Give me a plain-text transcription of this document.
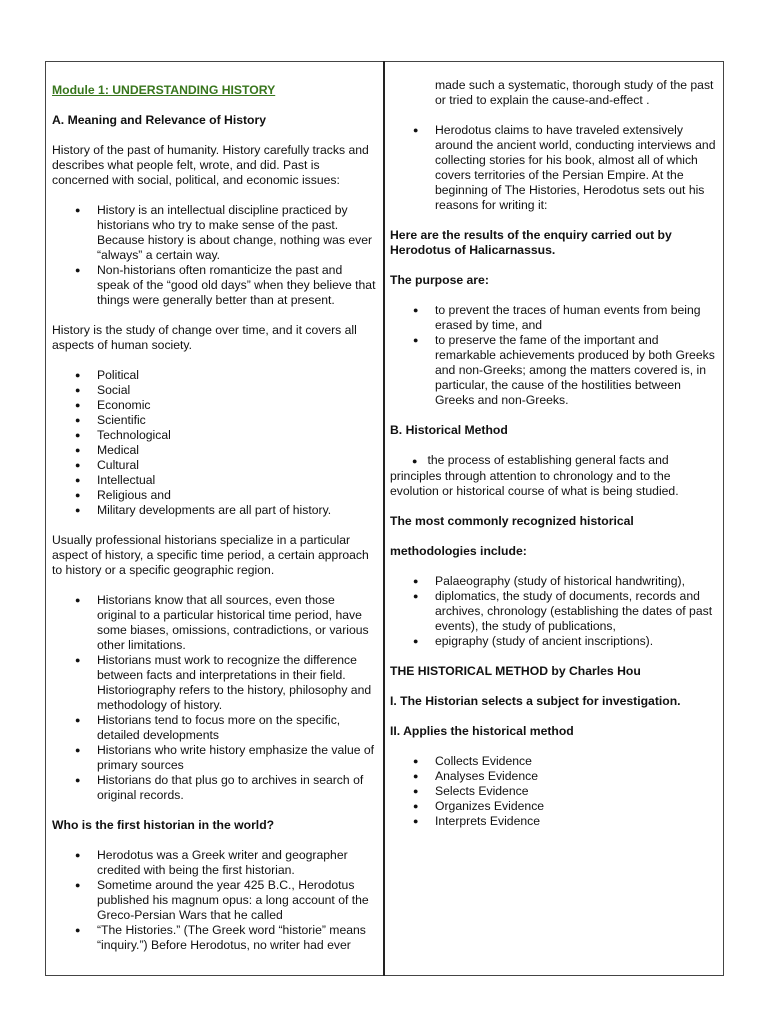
Module 1: UNDERSTANDING HISTORY

A. Meaning and Relevance of History

History of the past of humanity. History carefully tracks and describes what people felt, wrote, and did. Past is concerned with social, political, and economic issues:

● History is an intellectual discipline practiced by historians who try to make sense of the past. Because history is about change, nothing was ever “always” a certain way.
● Non-historians often romanticize the past and speak of the “good old days” when they believe that things were generally better than at present.

History is the study of change over time, and it covers all aspects of human society.

● Political
● Social
● Economic
● Scientific
● Technological
● Medical
● Cultural
● Intellectual
● Religious and
● Military developments are all part of history.

Usually professional historians specialize in a particular aspect of history, a specific time period, a certain approach to history or a specific geographic region.

● Historians know that all sources, even those original to a particular historical time period, have some biases, omissions, contradictions, or various other limitations.
● Historians must work to recognize the difference between facts and interpretations in their field. Historiography refers to the history, philosophy and methodology of history.
● Historians tend to focus more on the specific, detailed developments
● Historians who write history emphasize the value of primary sources
● Historians do that plus go to archives in search of original records.

Who is the first historian in the world?

● Herodotus was a Greek writer and geographer credited with being the first historian.
● Sometime around the year 425 B.C., Herodotus published his magnum opus: a long account of the Greco-Persian Wars that he called
● “The Histories.” (The Greek word “historie” means “inquiry.”) Before Herodotus, no writer had ever

made such a systematic, thorough study of the past or tried to explain the cause-and-effect .

● Herodotus claims to have traveled extensively around the ancient world, conducting interviews and collecting stories for his book, almost all of which covers territories of the Persian Empire. At the beginning of The Histories, Herodotus sets out his reasons for writing it:

Here are the results of the enquiry carried out by Herodotus of Halicarnassus.

The purpose are:

● to prevent the traces of human events from being erased by time, and
● to preserve the fame of the important and remarkable achievements produced by both Greeks and non-Greeks; among the matters covered is, in particular, the cause of the hostilities between Greeks and non-Greeks.

B. Historical Method

● the process of establishing general facts and principles through attention to chronology and to the evolution or historical course of what is being studied.

The most commonly recognized historical

methodologies include:

● Palaeography (study of historical handwriting),
● diplomatics, the study of documents, records and archives, chronology (establishing the dates of past events), the study of publications,
● epigraphy (study of ancient inscriptions).

THE HISTORICAL METHOD by Charles Hou

I. The Historian selects a subject for investigation.

II. Applies the historical method

● Collects Evidence
● Analyses Evidence
● Selects Evidence
● Organizes Evidence
● Interprets Evidence
